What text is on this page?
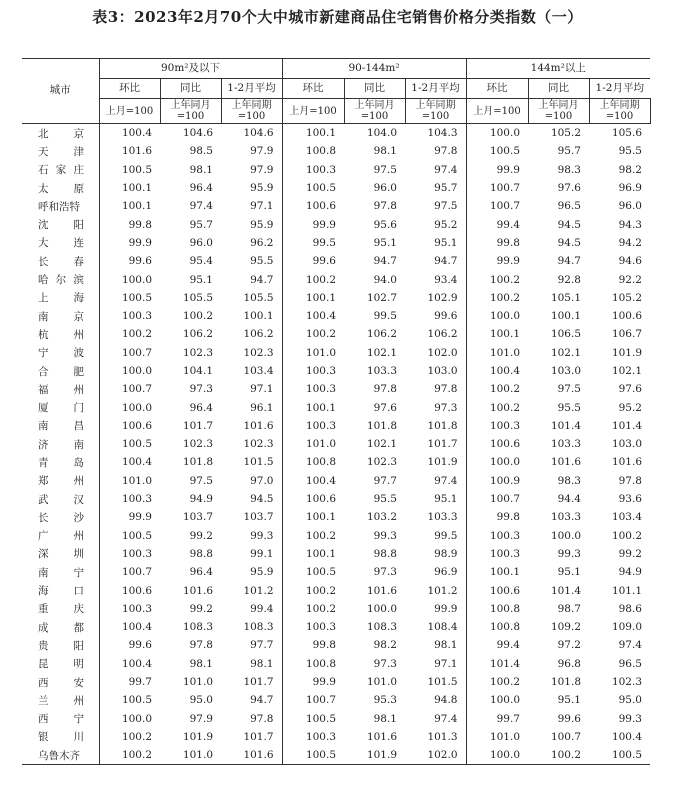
表3：2023年2月70个大中城市新建商品住宅销售价格分类指数（一）
城市	90m²及以下			90-144m²			144m²以上		
	环比	同比	1-2月平均	环比	同比	1-2月平均	环比	同比	1-2月平均
	上月=100	上年同月=100	上年同期=100	上月=100	上年同月=100	上年同期=100	上月=100	上年同月=100	上年同期=100
北京	100.4	104.6	104.6	100.1	104.0	104.3	100.0	105.2	105.6
天津	101.6	98.5	97.9	100.8	98.1	97.8	100.5	95.7	95.5
石家庄	100.5	98.1	97.9	100.3	97.5	97.4	99.9	98.3	98.2
太原	100.1	96.4	95.9	100.5	96.0	95.7	100.7	97.6	96.9
呼和浩特	100.1	97.4	97.1	100.6	97.8	97.5	100.7	96.5	96.0
沈阳	99.8	95.7	95.9	99.9	95.6	95.2	99.4	94.5	94.3
大连	99.9	96.0	96.2	99.5	95.1	95.1	99.8	94.5	94.2
长春	99.6	95.4	95.5	99.6	94.7	94.7	99.9	94.7	94.6
哈尔滨	100.0	95.1	94.7	100.2	94.0	93.4	100.2	92.8	92.2
上海	100.5	105.5	105.5	100.1	102.7	102.9	100.2	105.1	105.2
南京	100.3	100.2	100.1	100.4	99.5	99.6	100.0	100.1	100.6
杭州	100.2	106.2	106.2	100.2	106.2	106.2	100.1	106.5	106.7
宁波	100.7	102.3	102.3	101.0	102.1	102.0	101.0	102.1	101.9
合肥	100.0	104.1	103.4	100.3	103.3	103.0	100.4	103.0	102.1
福州	100.7	97.3	97.1	100.3	97.8	97.8	100.2	97.5	97.6
厦门	100.0	96.4	96.1	100.1	97.6	97.3	100.2	95.5	95.2
南昌	100.6	101.7	101.6	100.3	101.8	101.8	100.3	101.4	101.4
济南	100.5	102.3	102.3	101.0	102.1	101.7	100.6	103.3	103.0
青岛	100.4	101.8	101.5	100.8	102.3	101.9	100.0	101.6	101.6
郑州	101.0	97.5	97.0	100.4	97.7	97.4	100.9	98.3	97.8
武汉	100.3	94.9	94.5	100.6	95.5	95.1	100.7	94.4	93.6
长沙	99.9	103.7	103.7	100.1	103.2	103.3	99.8	103.3	103.4
广州	100.5	99.2	99.3	100.2	99.3	99.5	100.3	100.0	100.2
深圳	100.3	98.8	99.1	100.1	98.8	98.9	100.3	99.3	99.2
南宁	100.7	96.4	95.9	100.5	97.3	96.9	100.1	95.1	94.9
海口	100.6	101.6	101.2	100.2	101.6	101.2	100.6	101.4	101.1
重庆	100.3	99.2	99.4	100.2	100.0	99.9	100.8	98.7	98.6
成都	100.4	108.3	108.3	100.3	108.3	108.4	100.8	109.2	109.0
贵阳	99.6	97.8	97.7	99.8	98.2	98.1	99.4	97.2	97.4
昆明	100.4	98.1	98.1	100.8	97.3	97.1	101.4	96.8	96.5
西安	99.7	101.0	101.7	99.9	101.0	101.5	100.2	101.8	102.3
兰州	100.5	95.0	94.7	100.7	95.3	94.8	100.0	95.1	95.0
西宁	100.0	97.9	97.8	100.5	98.1	97.4	99.7	99.6	99.3
银川	100.2	101.9	101.7	100.3	101.6	101.3	101.0	100.7	100.4
乌鲁木齐	100.2	101.0	101.6	100.5	101.9	102.0	100.0	100.2	100.5
